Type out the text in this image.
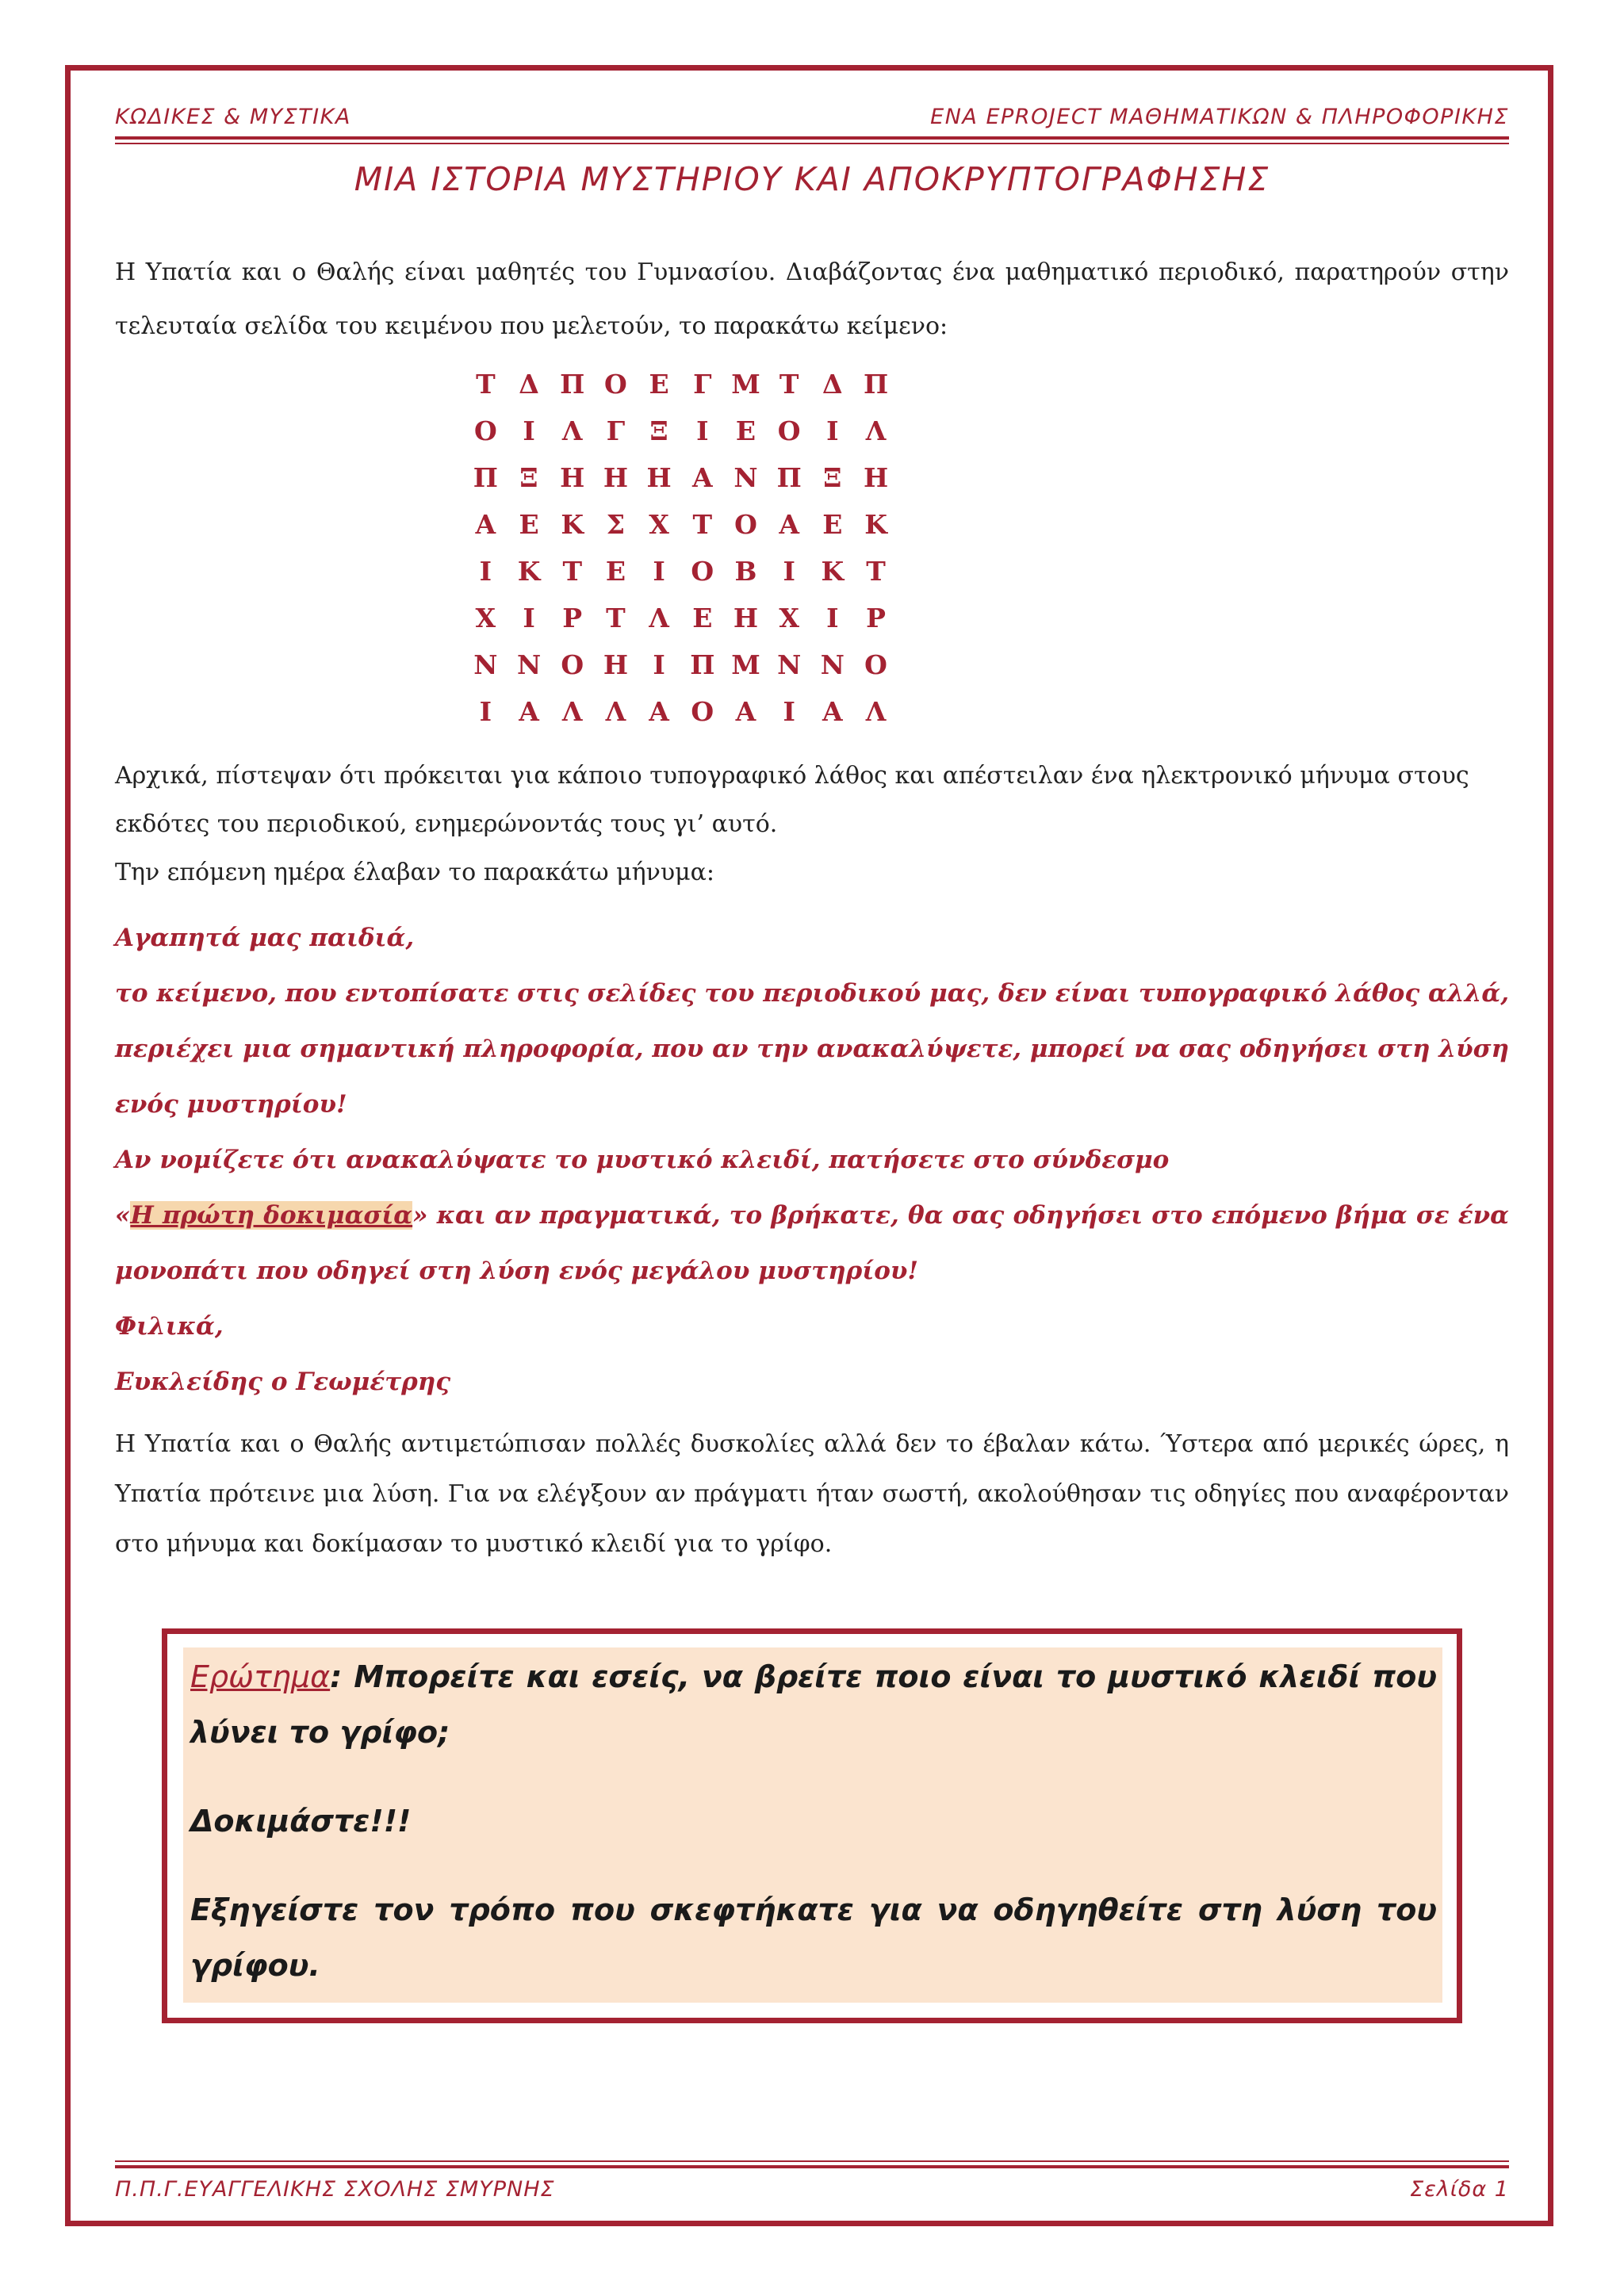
ΚΩΔΙΚΕΣ & ΜΥΣΤΙΚΑ	ΕΝΑ EPROJECT ΜΑΘΗΜΑΤΙΚΩΝ & ΠΛΗΡΟΦΟΡΙΚΗΣ
ΜΙΑ ΙΣΤΟΡΙΑ ΜΥΣΤΗΡΙΟΥ ΚΑΙ ΑΠΟΚΡΥΠΤΟΓΡΑΦΗΣΗΣ
Η Υπατία και ο Θαλής είναι μαθητές του Γυμνασίου. Διαβάζοντας ένα μαθηματικό περιοδικό, παρατηρούν στην τελευταία σελίδα του κειμένου που μελετούν, το παρακάτω κείμενο:
Τ	Δ	Π	Ο	Ε	Γ	Μ	Τ	Δ	Π
Ο	Ι	Λ	Γ	Ξ	Ι	Ε	Ο	Ι	Λ
Π	Ξ	Η	Η	Η	Α	Ν	Π	Ξ	Η
Α	Ε	Κ	Σ	Χ	Τ	Ο	Α	Ε	Κ
Ι	Κ	Τ	Ε	Ι	Ο	Β	Ι	Κ	Τ
Χ	Ι	Ρ	Τ	Λ	Ε	Η	Χ	Ι	Ρ
Ν	Ν	Ο	Η	Ι	Π	Μ	Ν	Ν	Ο
Ι	Α	Λ	Λ	Α	Ο	Α	Ι	Α	Λ
Αρχικά, πίστεψαν ότι πρόκειται για κάποιο τυπογραφικό λάθος και απέστειλαν ένα ηλεκτρονικό μήνυμα στους εκδότες του περιοδικού, ενημερώνοντάς τους γι’ αυτό.
Την επόμενη ημέρα έλαβαν το παρακάτω μήνυμα:

Αγαπητά μας παιδιά,

το κείμενο, που εντοπίσατε στις σελίδες του περιοδικού μας, δεν είναι τυπογραφικό λάθος αλλά, περιέχει μια σημαντική πληροφορία, που αν την ανακαλύψετε, μπορεί να σας οδηγήσει στη λύση ενός μυστηρίου!

Αν νομίζετε ότι ανακαλύψατε το μυστικό κλειδί, πατήσετε στο σύνδεσμο

«Η πρώτη δοκιμασία» και αν πραγματικά, το βρήκατε, θα σας οδηγήσει στο επόμενο βήμα σε ένα μονοπάτι που οδηγεί στη λύση ενός μεγάλου μυστηρίου!

Φιλικά,

Ευκλείδης ο Γεωμέτρης

Η Υπατία και ο Θαλής αντιμετώπισαν πολλές δυσκολίες αλλά δεν το έβαλαν κάτω. Ύστερα από μερικές ώρες, η Υπατία πρότεινε μια λύση. Για να ελέγξουν αν πράγματι ήταν σωστή, ακολούθησαν τις οδηγίες που αναφέρονταν στο μήνυμα και δοκίμασαν το μυστικό κλειδί για το γρίφο.

Ερώτημα: Μπορείτε και εσείς, να βρείτε ποιο είναι το μυστικό κλειδί που λύνει το γρίφο;

Δοκιμάστε!!!

Εξηγείστε τον τρόπο που σκεφτήκατε για να οδηγηθείτε στη λύση του γρίφου.

Π.Π.Γ.ΕΥΑΓΓΕΛΙΚΗΣ ΣΧΟΛΗΣ ΣΜΥΡΝΗΣ	Σελίδα 1
